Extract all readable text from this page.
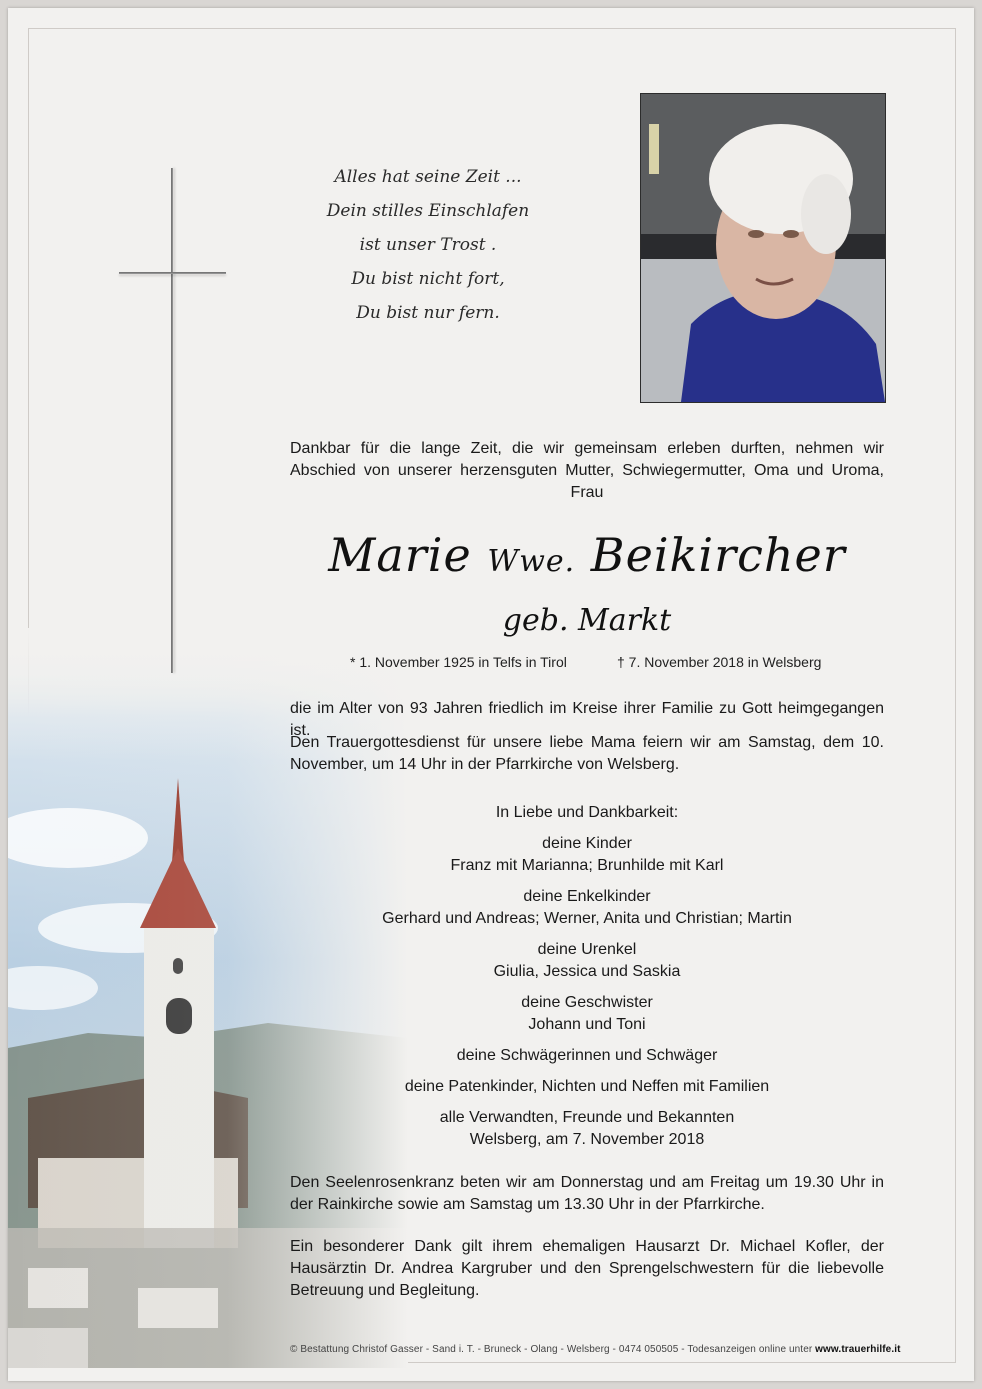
Alles hat seine Zeit ...
Dein stilles Einschlafen
ist unser Trost .
Du bist nicht fort,
Du bist nur fern.
Dankbar für die lange Zeit, die wir gemeinsam erleben durften, nehmen wir Abschied von unserer herzensguten Mutter, Schwiegermutter, Oma und Uroma, Frau
Marie Wwe. Beikircher
geb. Markt
* 1. November 1925 in Telfs in Tirol	† 7. November 2018 in Welsberg
die im Alter von 93 Jahren friedlich im Kreise ihrer Familie zu Gott heimgegangen ist.
Den Trauergottesdienst für unsere liebe Mama feiern wir am Samstag, dem 10. November, um 14 Uhr in der Pfarrkirche von Welsberg.
In Liebe und Dankbarkeit:
deine Kinder
Franz mit Marianna; Brunhilde mit Karl
deine Enkelkinder
Gerhard und Andreas; Werner, Anita und Christian; Martin
deine Urenkel
Giulia, Jessica und Saskia
deine Geschwister
Johann und Toni
deine Schwägerinnen und Schwäger
deine Patenkinder, Nichten und Neffen mit Familien
alle Verwandten, Freunde und Bekannten
Welsberg, am 7. November 2018
Den Seelenrosenkranz beten wir am Donnerstag und am Freitag um 19.30 Uhr in der Rainkirche sowie am Samstag um 13.30 Uhr in der Pfarrkirche.
Ein besonderer Dank gilt ihrem ehemaligen Hausarzt Dr. Michael Kofler, der Hausärztin Dr. Andrea Kargruber und den Sprengelschwestern für die liebevolle Betreuung und Begleitung.
© Bestattung Christof Gasser - Sand i. T. - Bruneck - Olang - Welsberg - 0474 050505 - Todesanzeigen online unter www.trauerhilfe.it
